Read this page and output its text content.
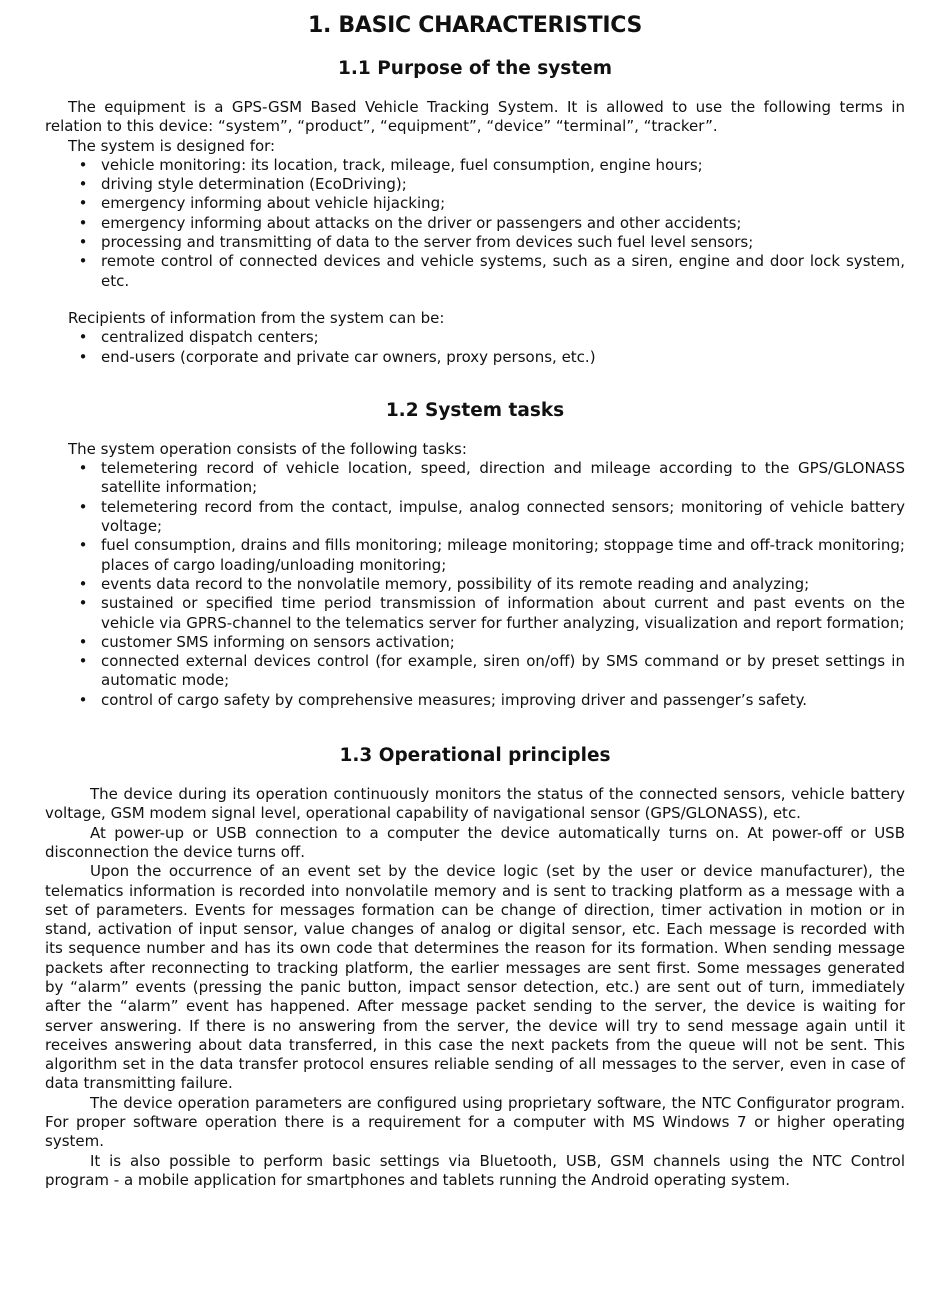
1. BASIC CHARACTERISTICS
1.1 Purpose of the system

The equipment is a GPS-GSM Based Vehicle Tracking System. It is allowed to use the following terms in relation to this device: “system”, “product”, “equipment”, “device” “terminal”, “tracker”.

The system is designed for:

• vehicle monitoring: its location, track, mileage, fuel consumption, engine hours;
• driving style determination (EcoDriving);
• emergency informing about vehicle hijacking;
• emergency informing about attacks on the driver or passengers and other accidents;
• processing and transmitting of data to the server from devices such fuel level sensors;
• remote control of connected devices and vehicle systems, such as a siren, engine and door lock system, etc.

Recipients of information from the system can be:

• centralized dispatch centers;
• end-users (corporate and private car owners, proxy persons, etc.)
1.2 System tasks

The system operation consists of the following tasks:

• telemetering record of vehicle location, speed, direction and mileage according to the GPS/GLONASS satellite information;
• telemetering record from the contact, impulse, analog connected sensors; monitoring of vehicle battery voltage;
• fuel consumption, drains and fills monitoring; mileage monitoring; stoppage time and off-track monitoring; places of cargo loading/unloading monitoring;
• events data record to the nonvolatile memory, possibility of its remote reading and analyzing;
• sustained or specified time period transmission of information about current and past events on the vehicle via GPRS-channel to the telematics server for further analyzing, visualization and report formation;
• customer SMS informing on sensors activation;
• connected external devices control (for example, siren on/off) by SMS command or by preset settings in automatic mode;
• control of cargo safety by comprehensive measures; improving driver and passenger’s safety.
1.3 Operational principles

The device during its operation continuously monitors the status of the connected sensors, vehicle battery voltage, GSM modem signal level, operational capability of navigational sensor (GPS/GLONASS), etc.

At power-up or USB connection to a computer the device automatically turns on. At power-off or USB disconnection the device turns off.

Upon the occurrence of an event set by the device logic (set by the user or device manufacturer), the telematics information is recorded into nonvolatile memory and is sent to tracking platform as a message with a set of parameters. Events for messages formation can be change of direction, timer activation in motion or in stand, activation of input sensor, value changes of analog or digital sensor, etc. Each message is recorded with its sequence number and has its own code that determines the reason for its formation. When sending message packets after reconnecting to tracking platform, the earlier messages are sent first. Some messages generated by “alarm” events (pressing the panic button, impact sensor detection, etc.) are sent out of turn, immediately after the “alarm” event has happened. After message packet sending to the server, the device is waiting for server answering. If there is no answering from the server, the device will try to send message again until it receives answering about data transferred, in this case the next packets from the queue will not be sent. This algorithm set in the data transfer protocol ensures reliable sending of all messages to the server, even in case of data transmitting failure.

The device operation parameters are configured using proprietary software, the NTC Configurator program. For proper software operation there is a requirement for a computer with MS Windows 7 or higher operating system.

It is also possible to perform basic settings via Bluetooth, USB, GSM channels using the NTC Control program - a mobile application for smartphones and tablets running the Android operating system.
